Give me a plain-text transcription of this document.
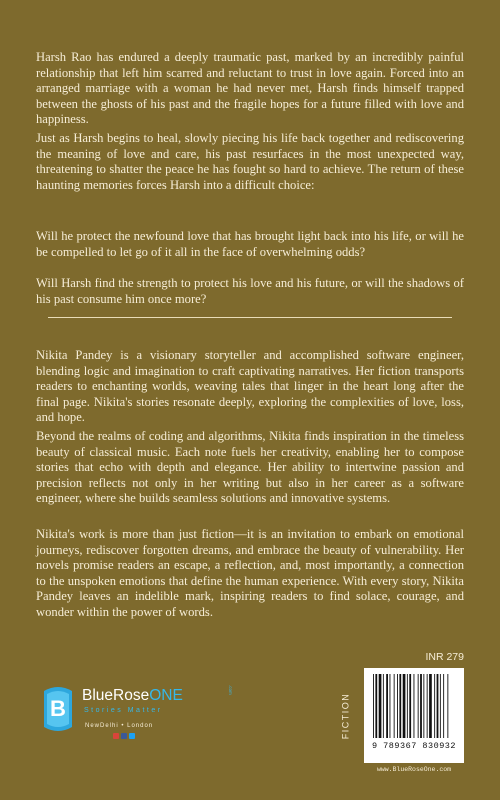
Harsh Rao has endured a deeply traumatic past, marked by an incredibly painful relationship that left him scarred and reluctant to trust in love again. Forced into an arranged marriage with a woman he had never met, Harsh finds himself trapped between the ghosts of his past and the fragile hopes for a future filled with love and happiness.

Just as Harsh begins to heal, slowly piecing his life back together and rediscovering the meaning of love and care, his past resurfaces in the most unexpected way, threatening to shatter the peace he has fought so hard to achieve. The return of these haunting memories forces Harsh into a difficult choice:

Will he protect the newfound love that has brought light back into his life, or will he be compelled to let go of it all in the face of overwhelming odds?

Will Harsh find the strength to protect his love and his future, or will the shadows of his past consume him once more?

Nikita Pandey is a visionary storyteller and accomplished software engineer, blending logic and imagination to craft captivating narratives. Her fiction transports readers to enchanting worlds, weaving tales that linger in the heart long after the final page. Nikita's stories resonate deeply, exploring the complexities of love, loss, and hope.

Beyond the realms of coding and algorithms, Nikita finds inspiration in the timeless beauty of classical music. Each note fuels her creativity, enabling her to compose stories that echo with depth and elegance. Her ability to intertwine passion and precision reflects not only in her writing but also in her career as a software engineer, where she builds seamless solutions and innovative systems.

Nikita's work is more than just fiction—it is an invitation to embark on emotional journeys, rediscover forgotten dreams, and embrace the beauty of vulnerability. Her novels promise readers an escape, a reflection, and, most importantly, a connection to the unspoken emotions that define the human experience. With every story, Nikita Pandey leaves an indelible mark, inspiring readers to find solace, courage, and wonder within the power of words.

INR 279
FICTION
B
BlueRoseONE	.com
Stories Matter
NewDelhi • London
9 789367 830932
www.BlueRoseOne.com
